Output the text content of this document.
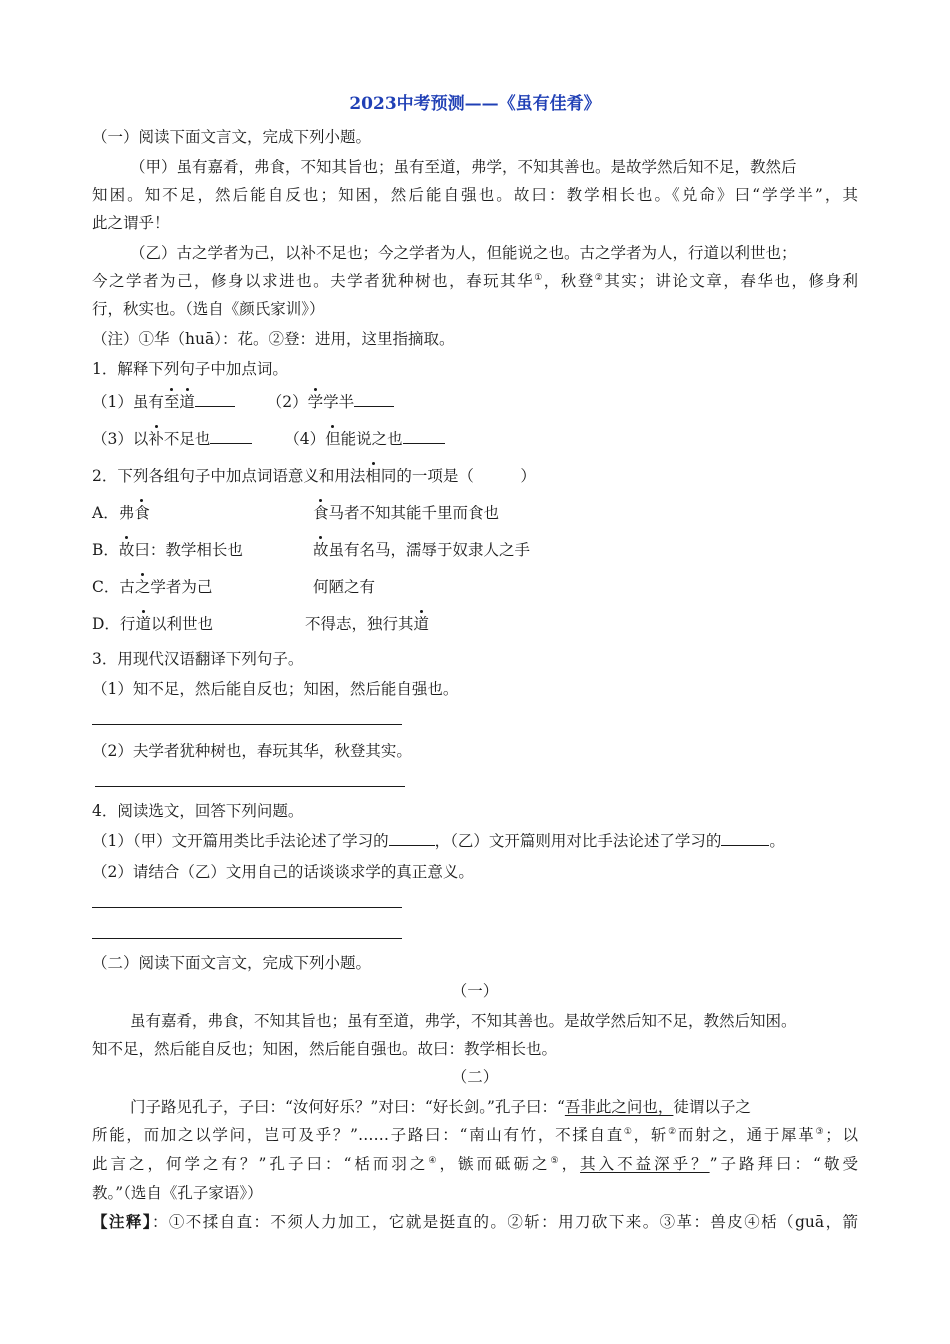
2023中考预测——《虽有佳肴》
（一）阅读下面文言文，完成下列小题。
（甲）虽有嘉肴，弗食，不知其旨也；虽有至道，弗学，不知其善也。是故学然后知不足，教然后
知困。知不足，然后能自反也；知困，然后能自强也。故曰：教学相长也。《兑命》曰“学学半”，其
此之谓乎！
（乙）古之学者为己，以补不足也；今之学者为人，但能说之也。古之学者为人，行道以利世也；
今之学者为己，修身以求进也。夫学者犹种树也，春玩其华①，秋登②其实；讲论文章，春华也，修身利
行，秋实也。（选自《颜氏家训》）
（注）①华（huā）：花。②登：进用，这里指摘取。
1．解释下列句子中加点词。
（1）虽有至道	（2）学学半
（3）以补不足也	（4）但能说之也
2．下列各组句子中加点词语意义和用法相同的一项是（　　　）
A．弗食	食马者不知其能千里而食也
B．故曰：教学相长也	故虽有名马，濡辱于奴隶人之手
C．古之学者为己	何陋之有
D．行道以利世也	不得志，独行其道
3．用现代汉语翻译下列句子。
（1）知不足，然后能自反也；知困，然后能自强也。
（2）夫学者犹种树也，春玩其华，秋登其实。
4．阅读选文，回答下列问题。
（1）（甲）文开篇用类比手法论述了学习的	，（乙）文开篇则用对比手法论述了学习的	。
（2）请结合（乙）文用自己的话谈谈求学的真正意义。
（二）阅读下面文言文，完成下列小题。
（一）
虽有嘉肴，弗食，不知其旨也；虽有至道，弗学，不知其善也。是故学然后知不足，教然后知困。
知不足，然后能自反也；知困，然后能自强也。故曰：教学相长也。
（二）
门子路见孔子，子曰：“汝何好乐？”对曰：“好长剑。”孔子曰：“吾非此之问也，徒谓以子之
所能，而加之以学问，岂可及乎？”……子路曰：“南山有竹，不揉自直①，斩②而射之，通于犀革③；以
此言之，何学之有？”孔子曰：“栝而羽之④，镞而砥砺之⑤，其入不益深乎？”子路拜曰：“敬受
教。”（选自《孔子家语》）
【注释】：①不揉自直：不须人力加工，它就是挺直的。②斩：用刀砍下来。③革：兽皮④栝（guā，箭
